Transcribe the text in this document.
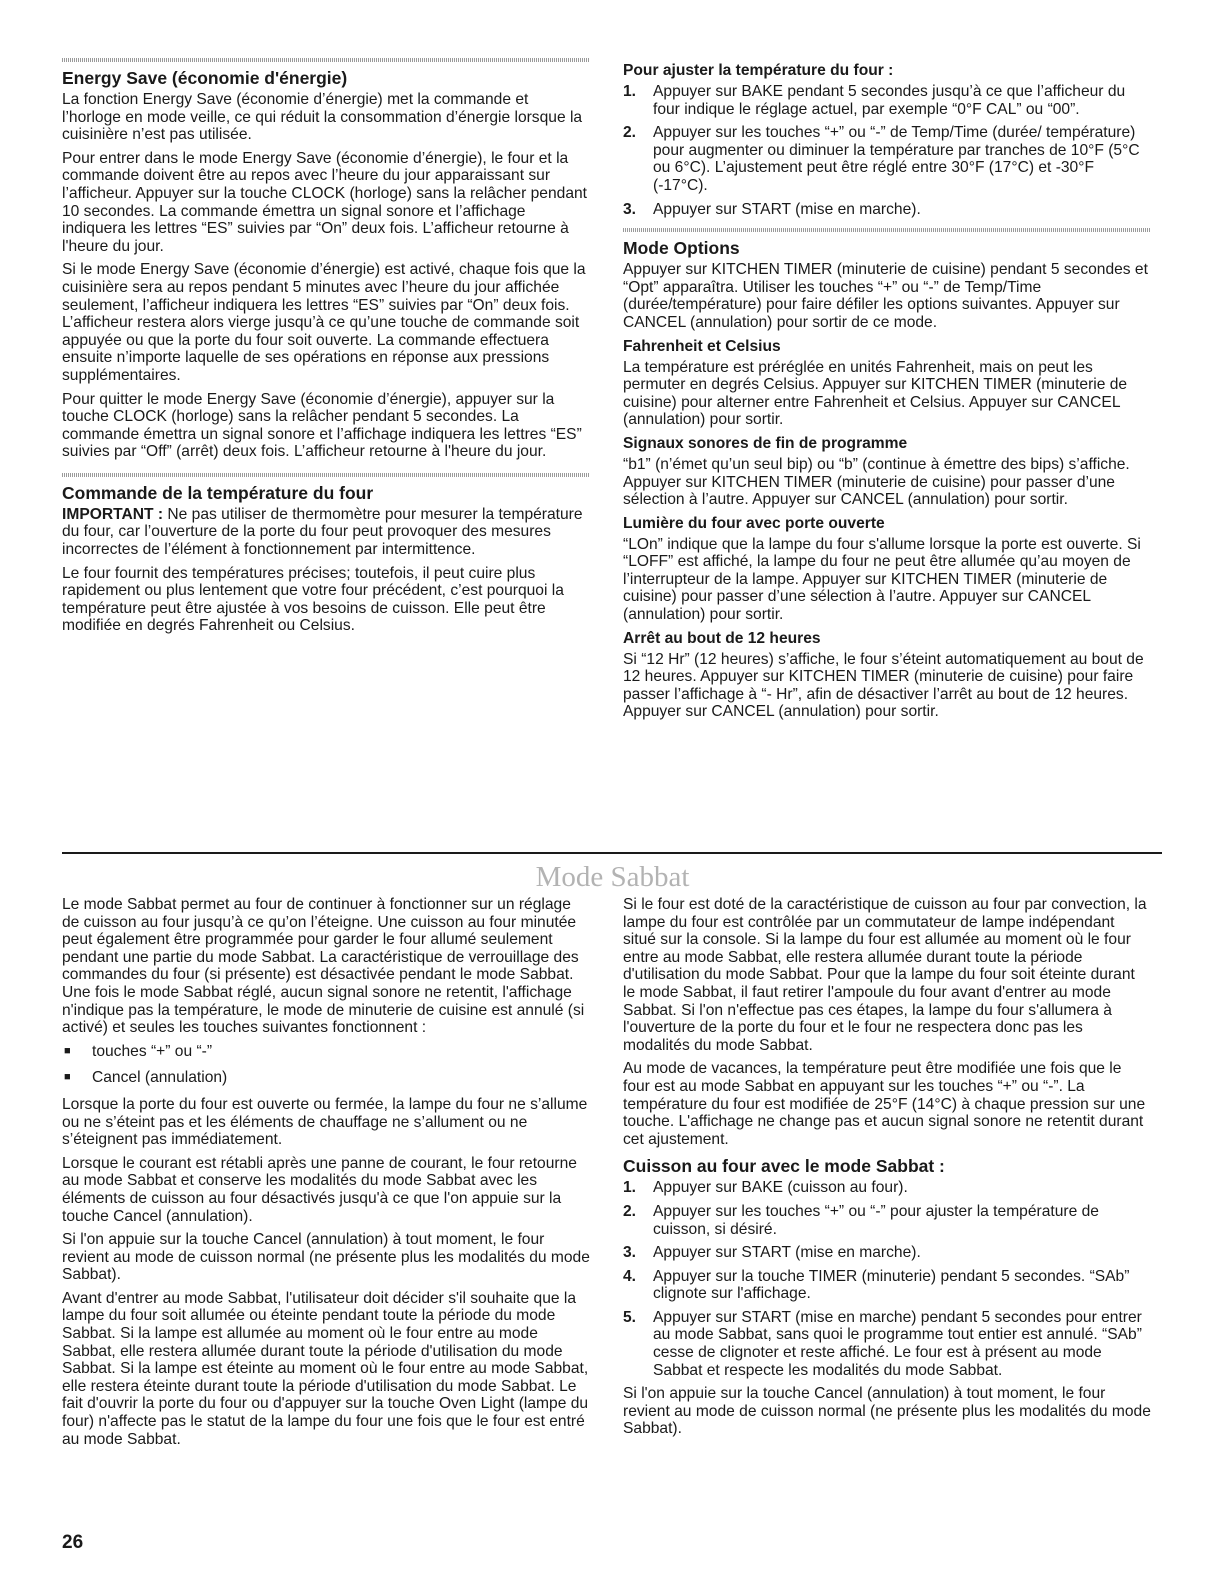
Energy Save (économie d'énergie)

La fonction Energy Save (économie d’énergie) met la commande et l’horloge en mode veille, ce qui réduit la consommation d’énergie lorsque la cuisinière n’est pas utilisée.

Pour entrer dans le mode Energy Save (économie d’énergie), le four et la commande doivent être au repos avec l’heure du jour apparaissant sur l’afficheur. Appuyer sur la touche CLOCK (horloge) sans la relâcher pendant 10 secondes. La commande émettra un signal sonore et l’affichage indiquera les lettres “ES” suivies par “On” deux fois. L’afficheur retourne à l'heure du jour.

Si le mode Energy Save (économie d’énergie) est activé, chaque fois que la cuisinière sera au repos pendant 5 minutes avec l’heure du jour affichée seulement, l’afficheur indiquera les lettres “ES” suivies par “On” deux fois. L’afficheur restera alors vierge jusqu’à ce qu’une touche de commande soit appuyée ou que la porte du four soit ouverte. La commande effectuera ensuite n’importe laquelle de ses opérations en réponse aux pressions supplémentaires.

Pour quitter le mode Energy Save (économie d’énergie), appuyer sur la touche CLOCK (horloge) sans la relâcher pendant 5 secondes. La commande émettra un signal sonore et l’affichage indiquera les lettres “ES” suivies par “Off” (arrêt) deux fois. L’afficheur retourne à l'heure du jour.

Commande de la température du four

IMPORTANT : Ne pas utiliser de thermomètre pour mesurer la température du four, car l’ouverture de la porte du four peut provoquer des mesures incorrectes de l’élément à fonctionnement par intermittence.

Le four fournit des températures précises; toutefois, il peut cuire plus rapidement ou plus lentement que votre four précédent, c’est pourquoi la température peut être ajustée à vos besoins de cuisson. Elle peut être modifiée en degrés Fahrenheit ou Celsius.

Pour ajuster la température du four :
1. Appuyer sur BAKE pendant 5 secondes jusqu’à ce que l’afficheur du four indique le réglage actuel, par exemple “0°F CAL” ou “00”.
2. Appuyer sur les touches “+” ou “-” de Temp/Time (durée/ température) pour augmenter ou diminuer la température par tranches de 10°F (5°C ou 6°C). L’ajustement peut être réglé entre 30°F (17°C) et -30°F (-17°C).
3. Appuyer sur START (mise en marche).
Mode Options

Appuyer sur KITCHEN TIMER (minuterie de cuisine) pendant 5 secondes et “Opt” apparaîtra. Utiliser les touches “+” ou “-” de Temp/Time (durée/température) pour faire défiler les options suivantes. Appuyer sur CANCEL (annulation) pour sortir de ce mode.

Fahrenheit et Celsius

La température est préréglée en unités Fahrenheit, mais on peut les permuter en degrés Celsius. Appuyer sur KITCHEN TIMER (minuterie de cuisine) pour alterner entre Fahrenheit et Celsius. Appuyer sur CANCEL (annulation) pour sortir.

Signaux sonores de fin de programme

“b1” (n’émet qu’un seul bip) ou “b” (continue à émettre des bips) s’affiche. Appuyer sur KITCHEN TIMER (minuterie de cuisine) pour passer d’une sélection à l’autre. Appuyer sur CANCEL (annulation) pour sortir.

Lumière du four avec porte ouverte

“LOn” indique que la lampe du four s'allume lorsque la porte est ouverte. Si “LOFF” est affiché, la lampe du four ne peut être allumée qu’au moyen de l’interrupteur de la lampe. Appuyer sur KITCHEN TIMER (minuterie de cuisine) pour passer d’une sélection à l’autre. Appuyer sur CANCEL (annulation) pour sortir.

Arrêt au bout de 12 heures

Si “12 Hr” (12 heures) s’affiche, le four s’éteint automatiquement au bout de 12 heures. Appuyer sur KITCHEN TIMER (minuterie de cuisine) pour faire passer l’affichage à “- Hr”, afin de désactiver l’arrêt au bout de 12 heures. Appuyer sur CANCEL (annulation) pour sortir.

Mode Sabbat

Le mode Sabbat permet au four de continuer à fonctionner sur un réglage de cuisson au four jusqu’à ce qu’on l’éteigne. Une cuisson au four minutée peut également être programmée pour garder le four allumé seulement pendant une partie du mode Sabbat. La caractéristique de verrouillage des commandes du four (si présente) est désactivée pendant le mode Sabbat. Une fois le mode Sabbat réglé, aucun signal sonore ne retentit, l'affichage n'indique pas la température, le mode de minuterie de cuisine est annulé (si activé) et seules les touches suivantes fonctionnent :

■ touches “+” ou “-”
■ Cancel (annulation)

Lorsque la porte du four est ouverte ou fermée, la lampe du four ne s’allume ou ne s’éteint pas et les éléments de chauffage ne s’allument ou ne s’éteignent pas immédiatement.

Lorsque le courant est rétabli après une panne de courant, le four retourne au mode Sabbat et conserve les modalités du mode Sabbat avec les éléments de cuisson au four désactivés jusqu'à ce que l'on appuie sur la touche Cancel (annulation).

Si l'on appuie sur la touche Cancel (annulation) à tout moment, le four revient au mode de cuisson normal (ne présente plus les modalités du mode Sabbat).

Avant d'entrer au mode Sabbat, l'utilisateur doit décider s'il souhaite que la lampe du four soit allumée ou éteinte pendant toute la période du mode Sabbat. Si la lampe est allumée au moment où le four entre au mode Sabbat, elle restera allumée durant toute la période d'utilisation du mode Sabbat. Si la lampe est éteinte au moment où le four entre au mode Sabbat, elle restera éteinte durant toute la période d'utilisation du mode Sabbat. Le fait d'ouvrir la porte du four ou d'appuyer sur la touche Oven Light (lampe du four) n'affecte pas le statut de la lampe du four une fois que le four est entré au mode Sabbat.

Si le four est doté de la caractéristique de cuisson au four par convection, la lampe du four est contrôlée par un commutateur de lampe indépendant situé sur la console. Si la lampe du four est allumée au moment où le four entre au mode Sabbat, elle restera allumée durant toute la période d'utilisation du mode Sabbat. Pour que la lampe du four soit éteinte durant le mode Sabbat, il faut retirer l'ampoule du four avant d'entrer au mode Sabbat. Si l'on n'effectue pas ces étapes, la lampe du four s'allumera à l'ouverture de la porte du four et le four ne respectera donc pas les modalités du mode Sabbat.

Au mode de vacances, la température peut être modifiée une fois que le four est au mode Sabbat en appuyant sur les touches “+” ou “-”. La température du four est modifiée de 25°F (14°C) à chaque pression sur une touche. L'affichage ne change pas et aucun signal sonore ne retentit durant cet ajustement.

Cuisson au four avec le mode Sabbat :
1. Appuyer sur BAKE (cuisson au four).
2. Appuyer sur les touches “+” ou “-” pour ajuster la température de cuisson, si désiré.
3. Appuyer sur START (mise en marche).
4. Appuyer sur la touche TIMER (minuterie) pendant 5 secondes. “SAb” clignote sur l'affichage.
5. Appuyer sur START (mise en marche) pendant 5 secondes pour entrer au mode Sabbat, sans quoi le programme tout entier est annulé. “SAb” cesse de clignoter et reste affiché. Le four est à présent au mode Sabbat et respecte les modalités du mode Sabbat.

Si l'on appuie sur la touche Cancel (annulation) à tout moment, le four revient au mode de cuisson normal (ne présente plus les modalités du mode Sabbat).

26
